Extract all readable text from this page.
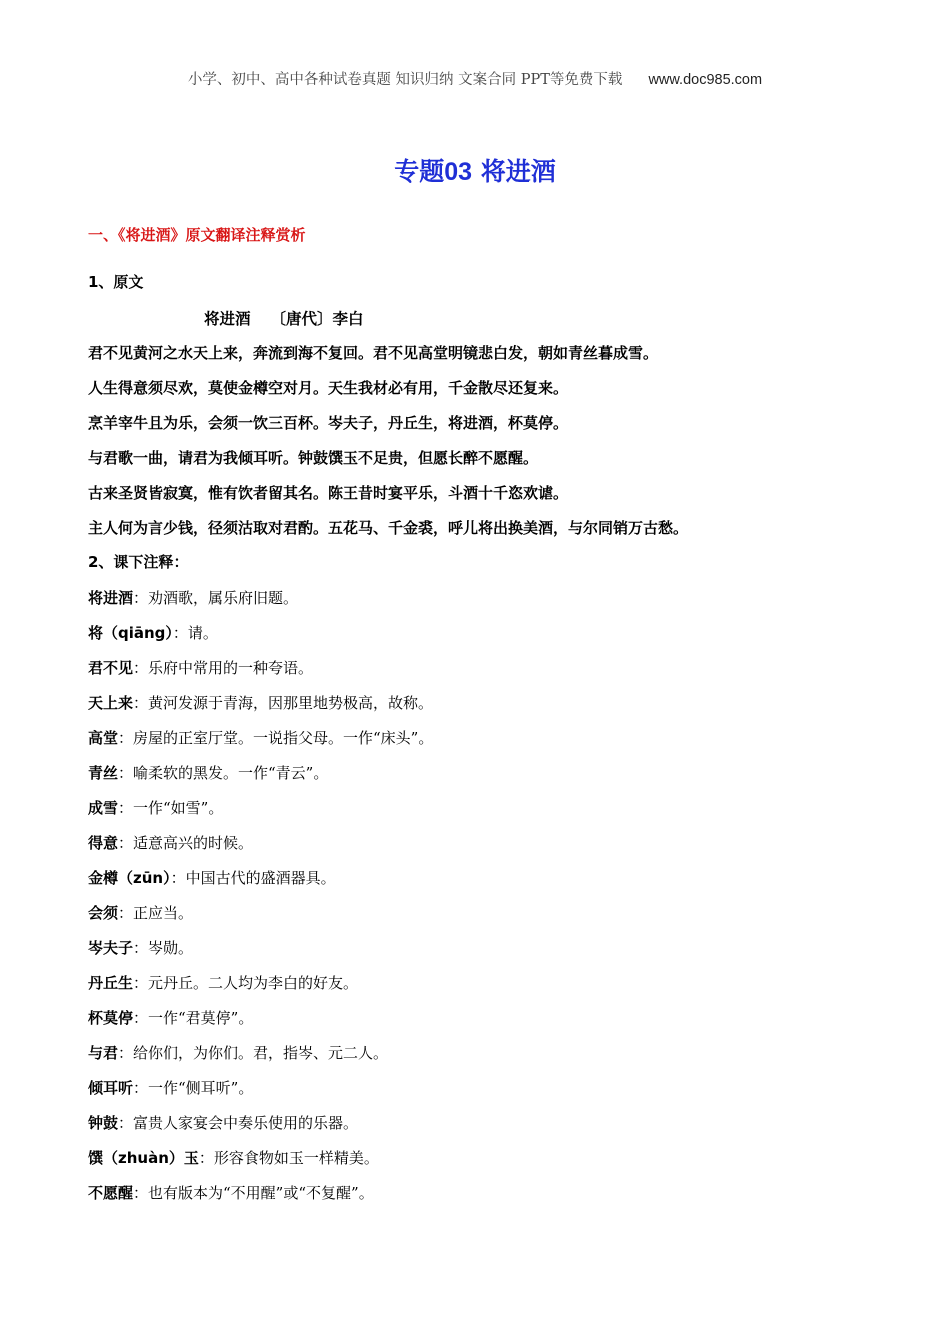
小学、初中、高中各种试卷真题 知识归纳 文案合同 PPT等免费下载 www.doc985.com
专题03 将进酒
一、《将进酒》原文翻译注释赏析
1、原文
将进酒 〔唐代〕李白
君不见黄河之水天上来，奔流到海不复回。君不见高堂明镜悲白发，朝如青丝暮成雪。
人生得意须尽欢，莫使金樽空对月。天生我材必有用，千金散尽还复来。
烹羊宰牛且为乐，会须一饮三百杯。岑夫子，丹丘生，将进酒，杯莫停。
与君歌一曲，请君为我倾耳听。钟鼓馔玉不足贵，但愿长醉不愿醒。
古来圣贤皆寂寞，惟有饮者留其名。陈王昔时宴平乐，斗酒十千恣欢谑。
主人何为言少钱，径须沽取对君酌。五花马、千金裘，呼儿将出换美酒，与尔同销万古愁。
2、课下注释：
将进酒：劝酒歌，属乐府旧题。
将（qiāng）：请。
君不见：乐府中常用的一种夸语。
天上来：黄河发源于青海，因那里地势极高，故称。
高堂：房屋的正室厅堂。一说指父母。一作“床头”。
青丝：喻柔软的黑发。一作“青云”。
成雪：一作“如雪”。
得意：适意高兴的时候。
金樽（zūn）：中国古代的盛酒器具。
会须：正应当。
岑夫子：岑勋。
丹丘生：元丹丘。二人均为李白的好友。
杯莫停：一作“君莫停”。
与君：给你们，为你们。君，指岑、元二人。
倾耳听：一作“侧耳听”。
钟鼓：富贵人家宴会中奏乐使用的乐器。
馔（zhuàn）玉：形容食物如玉一样精美。
不愿醒：也有版本为“不用醒”或“不复醒”。
